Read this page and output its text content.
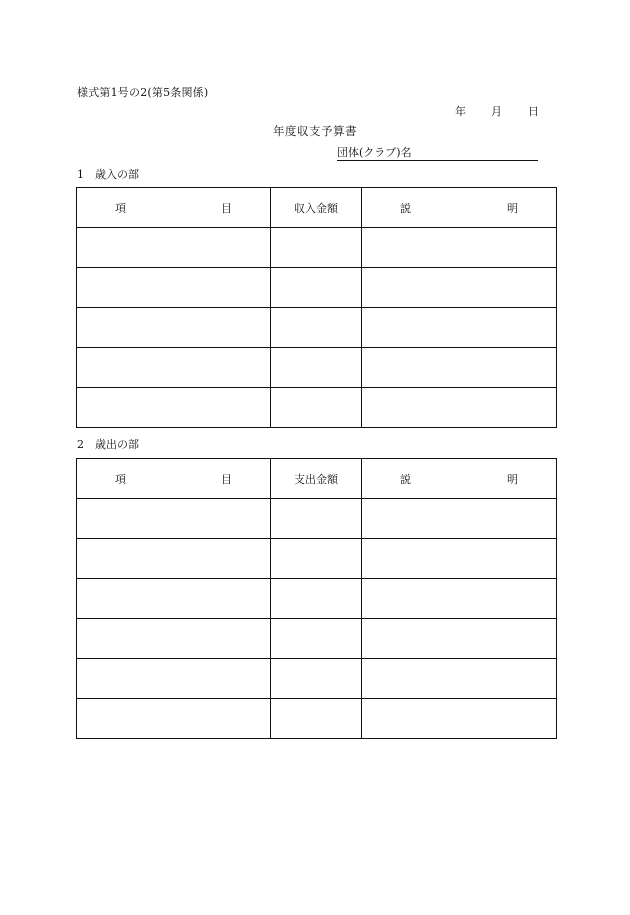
様式第1号の2(第5条関係)
年 月 日
年度収支予算書
団体(クラブ)名
1 歳入の部
項 目	収入金額	説 明

2 歳出の部
項 目	支出金額	説 明
